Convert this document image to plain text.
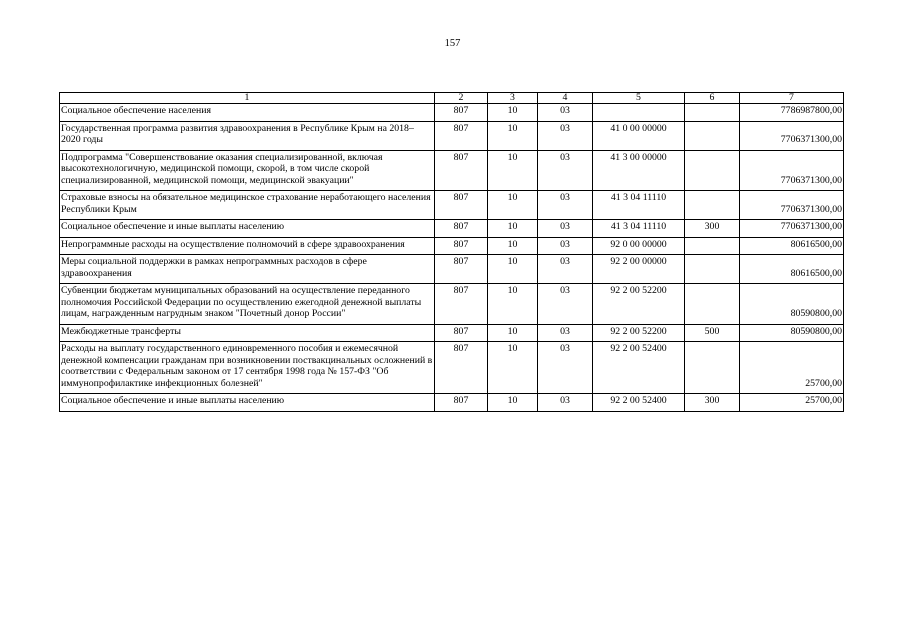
157
1	2	3	4	5	6	7
Социальное обеспечение населения	807	10	03			7786987800,00
Государственная программа развития здравоохранения в Республике Крым на 2018–2020 годы	807	10	03	41 0 00 00000		7706371300,00
Подпрограмма "Совершенствование оказания специализированной, включая высокотехнологичную, медицинской помощи, скорой, в том числе скорой специализированной, медицинской помощи, медицинской эвакуации"	807	10	03	41 3 00 00000		7706371300,00
Страховые взносы на обязательное медицинское страхование неработающего населения Республики Крым	807	10	03	41 3 04 11110		7706371300,00
Социальное обеспечение и иные выплаты населению	807	10	03	41 3 04 11110	300	7706371300,00
Непрограммные расходы на осуществление полномочий в сфере здравоохранения	807	10	03	92 0 00 00000		80616500,00
Меры социальной поддержки в рамках непрограммных расходов в сфере здравоохранения	807	10	03	92 2 00 00000		80616500,00
Субвенции бюджетам муниципальных образований на осуществление переданного полномочия Российской Федерации по осуществлению ежегодной денежной выплаты лицам, награжденным нагрудным знаком "Почетный донор России"	807	10	03	92 2 00 52200		80590800,00
Межбюджетные трансферты	807	10	03	92 2 00 52200	500	80590800,00
Расходы на выплату государственного единовременного пособия и ежемесячной денежной компенсации гражданам при возникновении поствакцинальных осложнений в соответствии с Федеральным законом от 17 сентября 1998 года № 157-ФЗ "Об иммунопрофилактике инфекционных болезней"	807	10	03	92 2 00 52400		25700,00
Социальное обеспечение и иные выплаты населению	807	10	03	92 2 00 52400	300	25700,00
